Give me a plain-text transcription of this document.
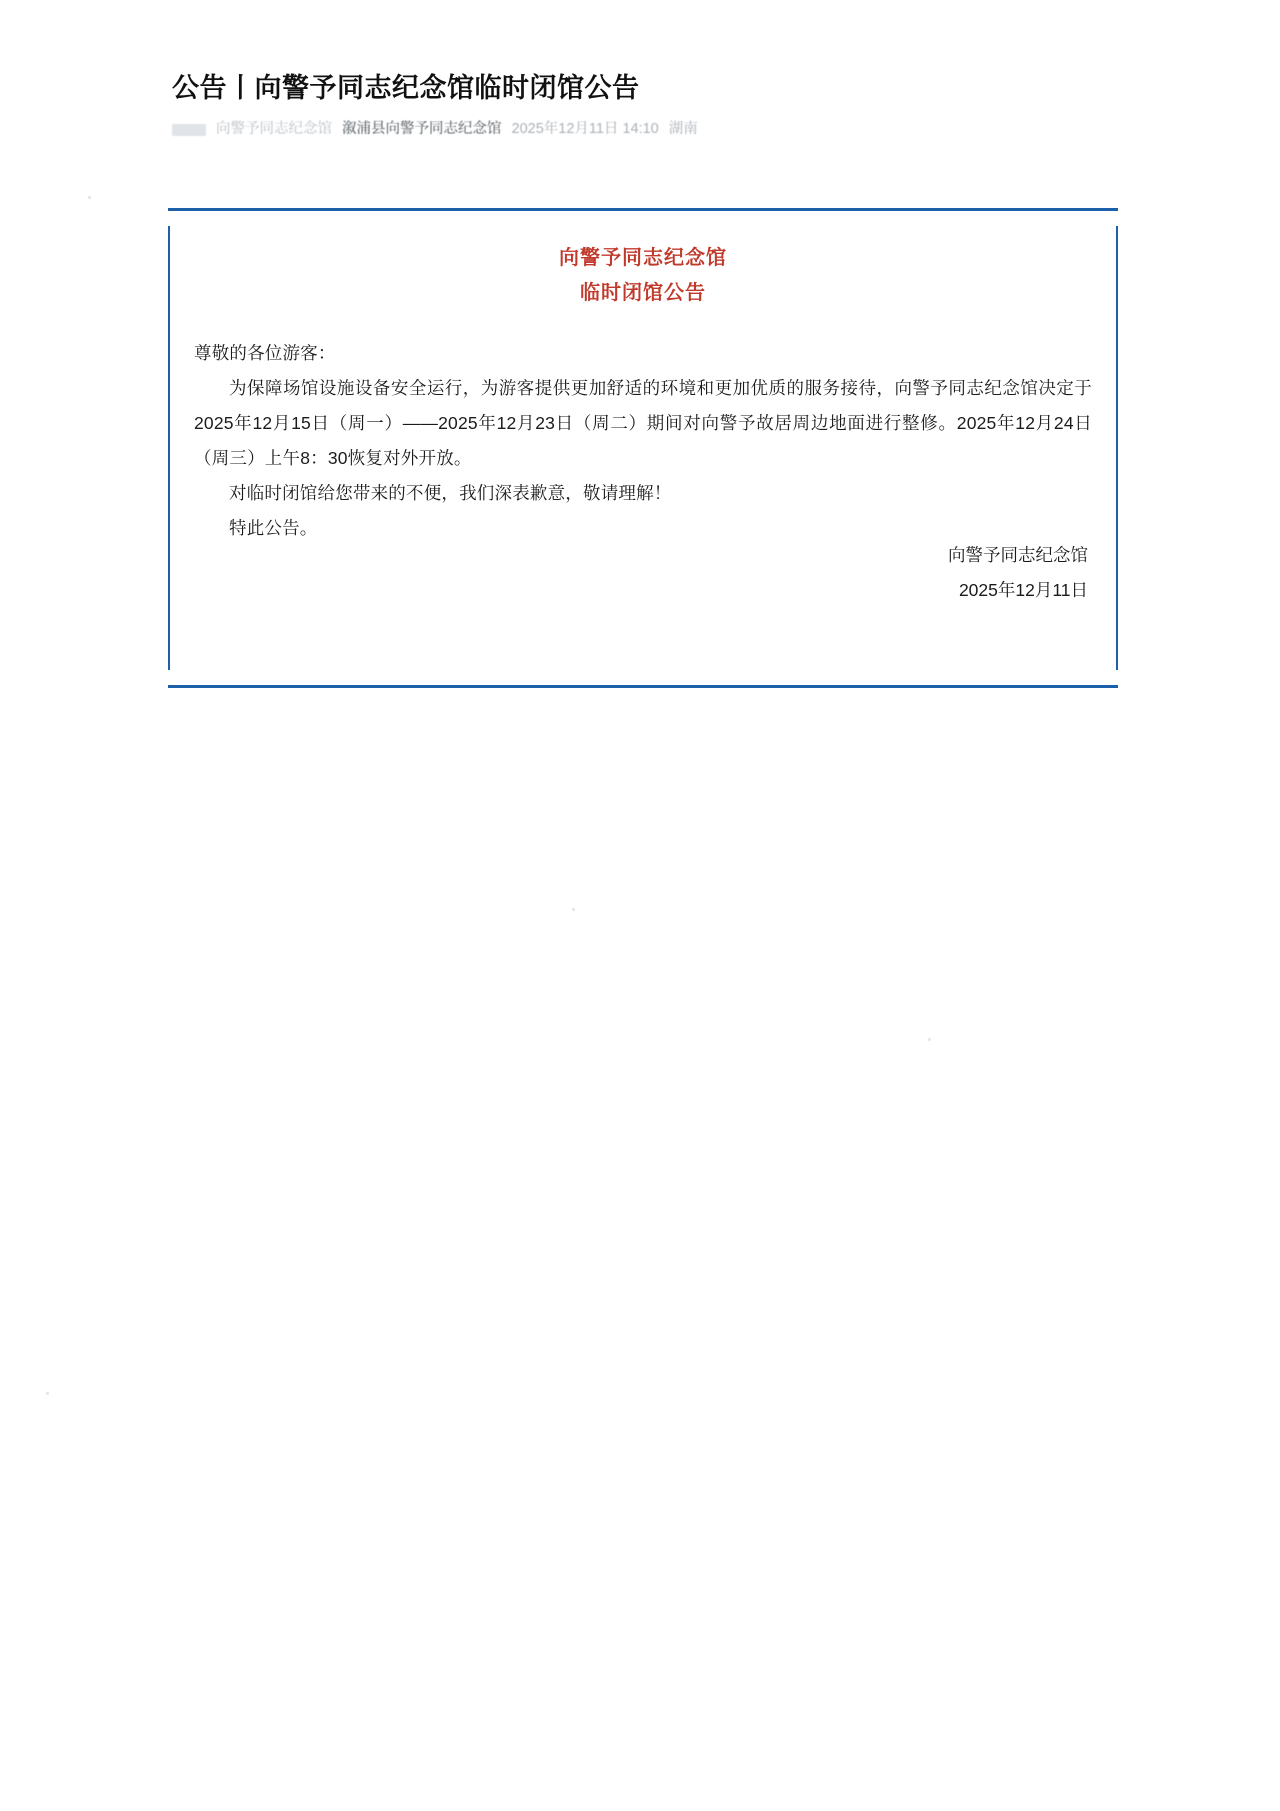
公告丨向警予同志纪念馆临时闭馆公告
向警予同志纪念馆 溆浦县向警予同志纪念馆 2025年12月11日 14:10 湖南
向警予同志纪念馆
临时闭馆公告

尊敬的各位游客：

为保障场馆设施设备安全运行，为游客提供更加舒适的环境和更加优质的服务接待，向警予同志纪念馆决定于2025年12月15日（周一）——2025年12月23日（周二）期间对向警予故居周边地面进行整修。2025年12月24日（周三）上午8：30恢复对外开放。

对临时闭馆给您带来的不便，我们深表歉意，敬请理解！

特此公告。

向警予同志纪念馆
2025年12月11日
